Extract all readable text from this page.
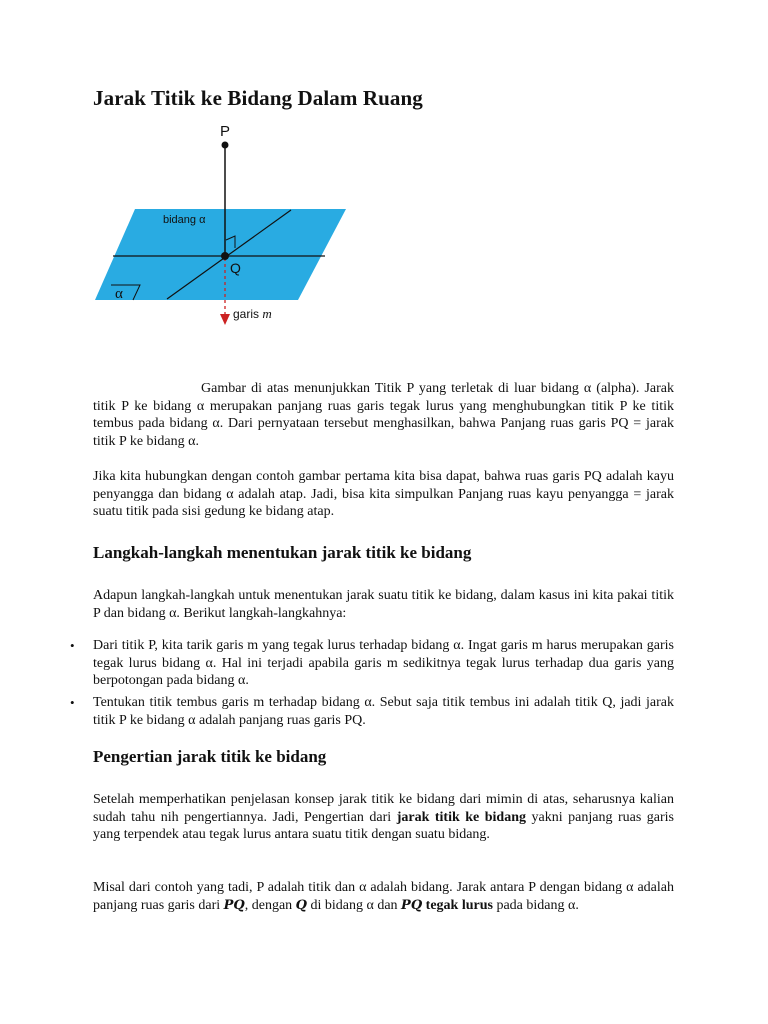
Jarak Titik ke Bidang Dalam Ruang
P
Q
bidang α
α
garis m

Gambar di atas menunjukkan Titik P yang terletak di luar bidang α (alpha). Jarak titik P ke bidang α merupakan panjang ruas garis tegak lurus yang menghubungkan titik P ke titik tembus pada bidang α. Dari pernyataan tersebut menghasilkan, bahwa Panjang ruas garis PQ = jarak titik P ke bidang α.

Jika kita hubungkan dengan contoh gambar pertama kita bisa dapat, bahwa ruas garis PQ adalah kayu penyangga dan bidang α adalah atap. Jadi, bisa kita simpulkan Panjang ruas kayu penyangga = jarak suatu titik pada sisi gedung ke bidang atap.

Langkah-langkah menentukan jarak titik ke bidang

Adapun langkah-langkah untuk menentukan jarak suatu titik ke bidang, dalam kasus ini kita pakai titik P dan bidang α. Berikut langkah-langkahnya:

• Dari titik P, kita tarik garis m yang tegak lurus terhadap bidang α. Ingat garis m harus merupakan garis tegak lurus bidang α. Hal ini terjadi apabila garis m sedikitnya tegak lurus terhadap dua garis yang berpotongan pada bidang α.
• Tentukan titik tembus garis m terhadap bidang α. Sebut saja titik tembus ini adalah titik Q, jadi jarak titik P ke bidang α adalah panjang ruas garis PQ.
Pengertian jarak titik ke bidang

Setelah memperhatikan penjelasan konsep jarak titik ke bidang dari mimin di atas, seharusnya kalian sudah tahu nih pengertiannya. Jadi, Pengertian dari jarak titik ke bidang yakni panjang ruas garis yang terpendek atau tegak lurus antara suatu titik dengan suatu bidang.

Misal dari contoh yang tadi, P adalah titik dan α adalah bidang. Jarak antara P dengan bidang α adalah panjang ruas garis dari PQ, dengan Q di bidang α dan PQ tegak lurus pada bidang α.
